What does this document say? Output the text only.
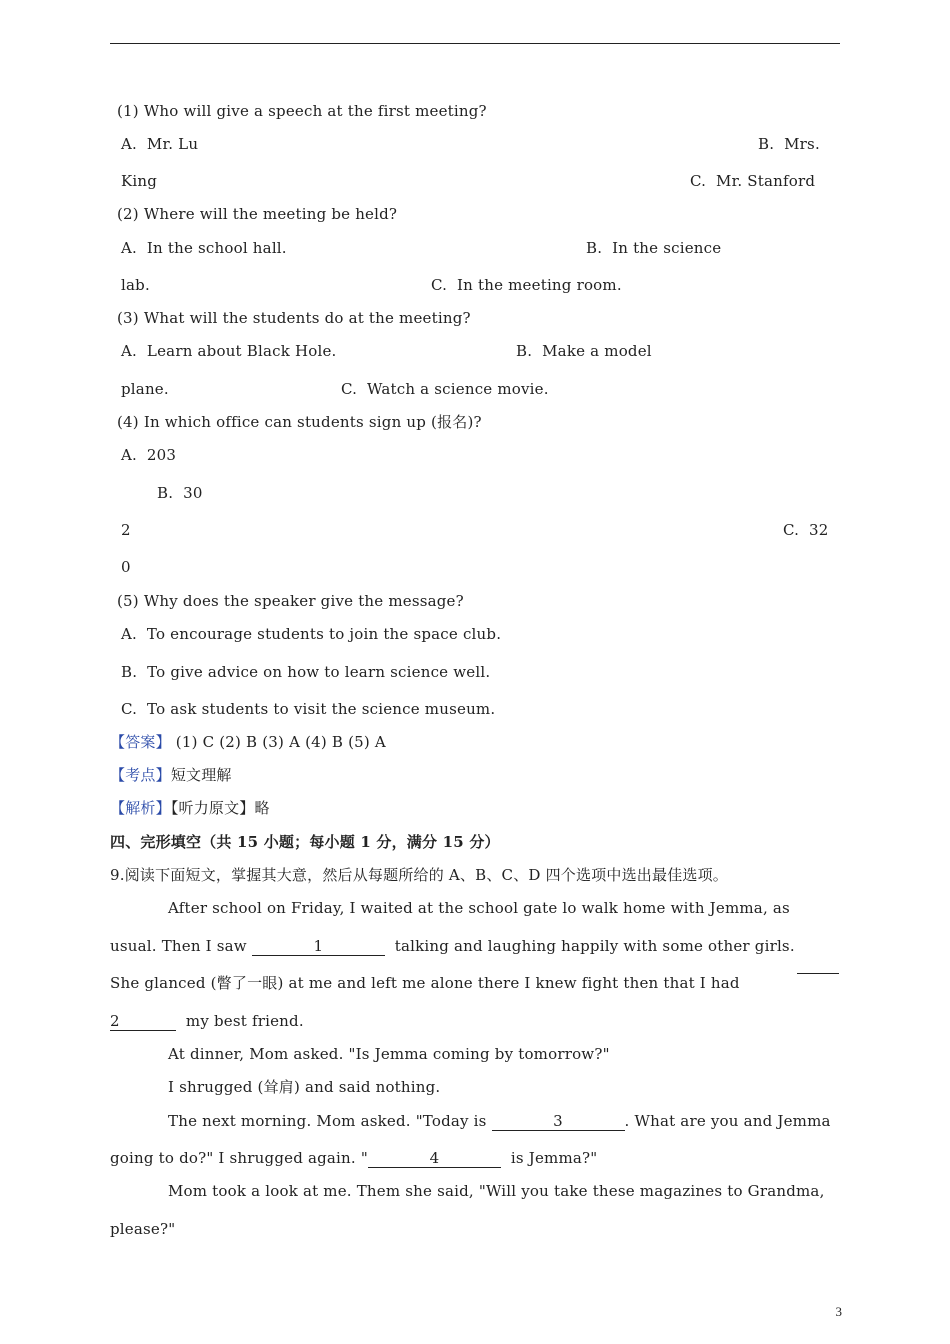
(1) Who will give a speech at the first meeting?
A.  Mr. Lu	B.  Mrs.
King	C.  Mr. Stanford
(2) Where will the meeting be held?
A.  In the school hall.	B.  In the science
lab.	C.  In the meeting room.
(3) What will the students do at the meeting?
A.  Learn about Black Hole.	B.  Make a model
plane.	C.  Watch a science movie.
(4) In which office can students sign up (报名)?
A.  203
B.  30
2	C.  32
0
(5) Why does the speaker give the message?
A.  To encourage students to join the space club.
B.  To give advice on how to learn science well.
C.  To ask students to visit the science museum.
【答案】 (1) C (2) B (3) A (4) B (5) A
【考点】短文理解
【解析】【听力原文】略
四、完形填空（共 15 小题；每小题 1 分，满分 15 分）
9.阅读下面短文，掌握其大意，然后从每题所给的 A、B、C、D 四个选项中选出最佳选项。
After school on Friday, I waited at the school gate lo walk home with Jemma, as
usual. Then I saw	1	talking and laughing happily with some other girls.
She glanced (瞥了一眼) at me and left me alone there I knew fight then that I had
2	my best friend.
At dinner, Mom asked. "Is Jemma coming by tomorrow?"
I shrugged (耸肩) and said nothing.
The next morning. Mom asked. "Today is	3	. What are you and Jemma
going to do?" I shrugged again. "	4	is Jemma?"
Mom took a look at me. Them she said, "Will you take these magazines to Grandma,
please?"
3
